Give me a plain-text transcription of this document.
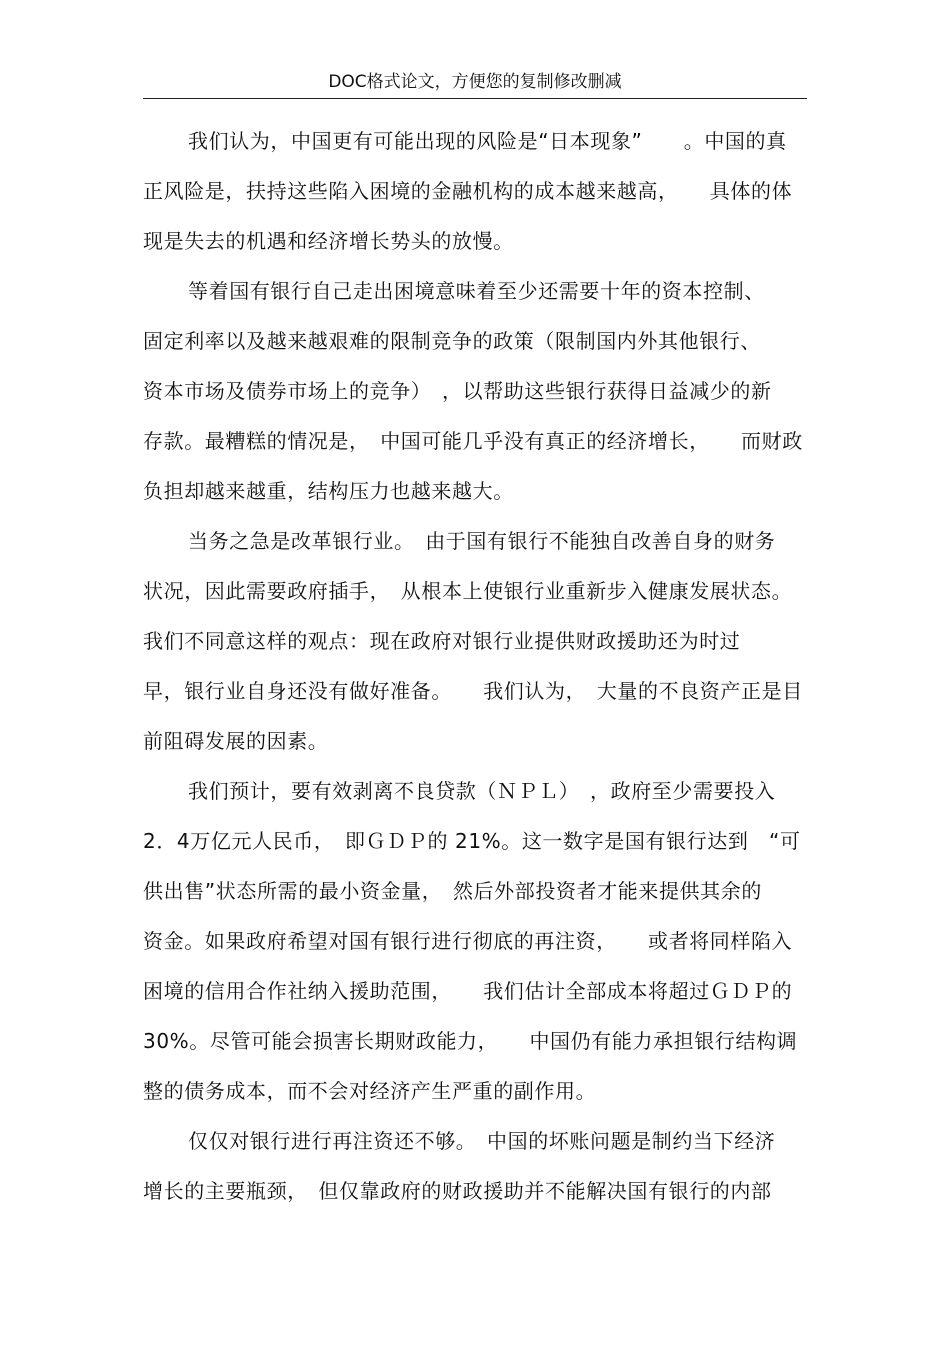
DOC格式论文，方便您的复制修改删减
我们认为，中国更有可能出现的风险是“日本现象”　　。中国的真
正风险是，扶持这些陷入困境的金融机构的成本越来越高，　　具体的体
现是失去的机遇和经济增长势头的放慢。
等着国有银行自己走出困境意味着至少还需要十年的资本控制、
固定利率以及越来越艰难的限制竞争的政策（限制国内外其他银行、
资本市场及债券市场上的竞争）　，以帮助这些银行获得日益减少的新
存款。最糟糕的情况是，　中国可能几乎没有真正的经济增长，　　而财政
负担却越来越重，结构压力也越来越大。
当务之急是改革银行业。　由于国有银行不能独自改善自身的财务
状况，因此需要政府插手，　从根本上使银行业重新步入健康发展状态。
我们不同意这样的观点：现在政府对银行业提供财政援助还为时过
早，银行业自身还没有做好准备。　　我们认为，　大量的不良资产正是目
前阻碍发展的因素。
我们预计，要有效剥离不良贷款（ＮＰＬ）　，政府至少需要投入
2．4万亿元人民币，　即ＧＤＰ的 21%。这一数字是国有银行达到　“可
供出售”状态所需的最小资金量，　然后外部投资者才能来提供其余的
资金。如果政府希望对国有银行进行彻底的再注资，　　或者将同样陷入
困境的信用合作社纳入援助范围，　　我们估计全部成本将超过ＧＤＰ的
30%。尽管可能会损害长期财政能力，　　中国仍有能力承担银行结构调
整的债务成本，而不会对经济产生严重的副作用。
仅仅对银行进行再注资还不够。　中国的坏账问题是制约当下经济
增长的主要瓶颈，　但仅靠政府的财政援助并不能解决国有银行的内部
